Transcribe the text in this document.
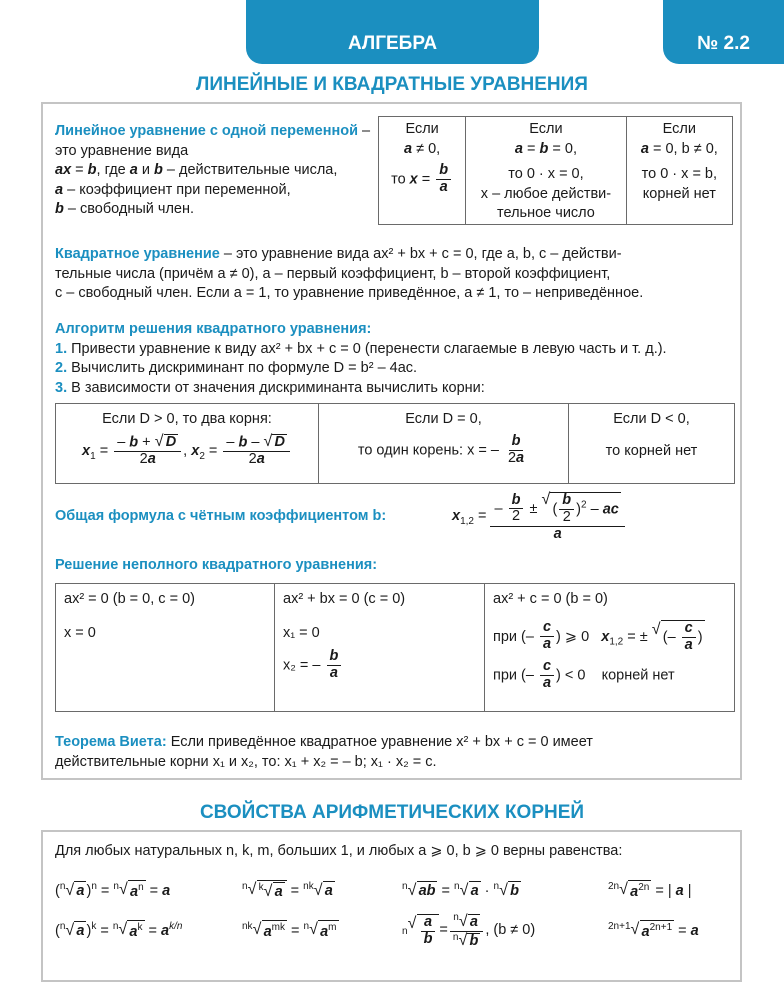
АЛГЕБРА	№ 2.2
ЛИНЕЙНЫЕ И КВАДРАТНЫЕ УРАВНЕНИЯ
Линейное уравнение с одной переменной – это уравнение вида
ax = b, где a и b – действительные числа,
a – коэффициент при переменной,
b – свободный член.
Если
a ≠ 0,
то $x = \frac{b}{a}$

Если
a = b = 0,
то 0 · x = 0,
x – любое действи-
тельное число

Если
a = 0, b ≠ 0,
то 0 · x = b,
корней нет
Квадратное уравнение – это уравнение вида ax² + bx + c = 0, где a, b, c – действи-
тельные числа (причём a ≠ 0), a – первый коэффициент, b – второй коэффициент,
c – свободный член. Если a = 1, то уравнение приведённое, a ≠ 1, то – неприведённое.
Алгоритм решения квадратного уравнения:
1. Привести уравнение к виду ax² + bx + c = 0 (перенести слагаемые в левую часть и т. д.).
2. Вычислить дискриминант по формуле D = b² – 4ac.
3. В зависимости от значения дискриминанта вычислить корни:
Если D > 0, то два корня:
$x_1 = \frac{- b + √ D}{2a}$ , $x_2 = \frac{- b - √ D}{2a}$

Если D = 0,
то один корень: x = – $\frac{b}{2a}$

Если D < 0,
то корней нет
Общая формула с чётным коэффициентом b:	$x_{1,2} = \frac{- \frac{b}{2} \pm √ ( \frac{b}{2} )^2 - ac}{a}$
Решение неполного квадратного уравнения:
ax² = 0 (b = 0, c = 0)
x = 0

ax² + bx = 0 (c = 0)
x₁ = 0
x₂ = – $\frac{b}{a}$

ax² + c = 0 (b = 0)
при (– $\frac{c}{a}$ ) ⩾ 0 $x_{1,2}$ = ± √ (– $\frac{c}{a}$ )
при (– $\frac{c}{a}$ ) < 0 корней нет
Теорема Виета: Если приведённое квадратное уравнение x² + bx + c = 0 имеет
действительные корни x₁ и x₂, то: x₁ + x₂ = – b; x₁ · x₂ = c.
СВОЙСТВА АРИФМЕТИЧЕСКИХ КОРНЕЙ
Для любых натуральных n, k, m, больших 1, и любых a ⩾ 0, b ⩾ 0 верны равенства:
($^n$√ a )$^n$ = $^n$√ $a^n = a$	$^n$√ $^k$√ a = $^{nk}$√ a	$^n$√ ab = $^n$√ a · $^n$√ b	$^{2n}$√ $a^{2n}$ = | a |
($^n$√ a )$^k$ = $^n$√ $a^k = a^{k/n}$	$^{nk}$√ $a^{mk} = ^n√$ $a^m$	n
√ $\frac{a}{b} = \frac{^n√ a}{^n√ b}$ , (b ≠ 0)	$^{2n+1}$√ $a^{2n+1} = a$
